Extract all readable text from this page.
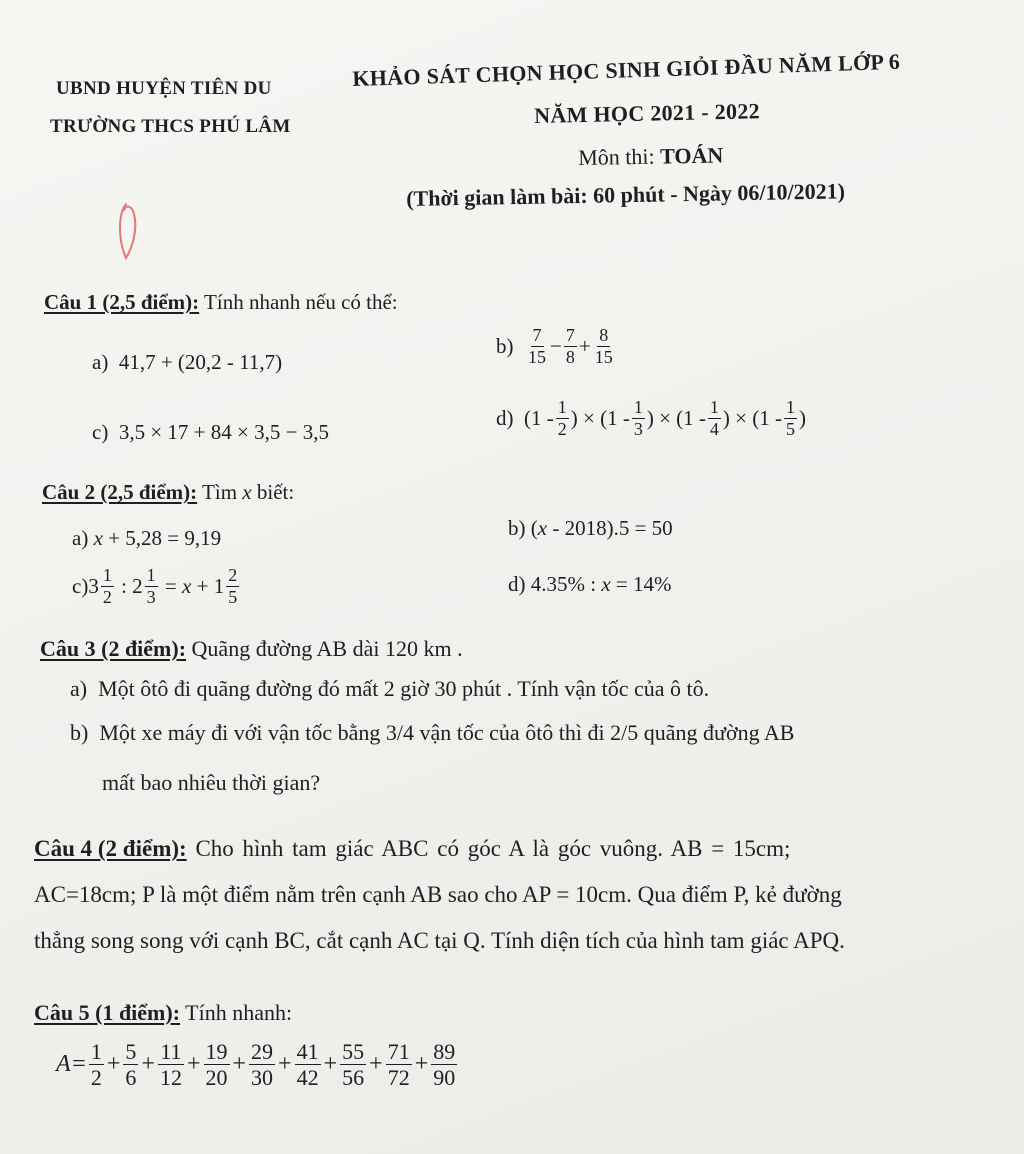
UBND HUYỆN TIÊN DU
TRƯỜNG THCS PHÚ LÂM
KHẢO SÁT CHỌN HỌC SINH GIỎI ĐẦU NĂM LỚP 6
NĂM HỌC 2021 - 2022
Môn thi: TOÁN
(Thời gian làm bài: 60 phút - Ngày 06/10/2021)
Câu 1 (2,5 điểm): Tính nhanh nếu có thể:
a) 41,7 + (20,2 - 11,7)
b)
$\frac{7}{15} - \frac{7}{8} + \frac{8}{15}$
c) 3,5 × 17 + 84 × 3,5 − 3,5
d)
($1 - \frac{1}{2}$ ) × ($1 - \frac{1}{3}$ ) × ($1 - \frac{1}{4}$ ) × ($1 - \frac{1}{5}$ )
Câu 2 (2,5 điểm): Tìm x biết:
a) x + 5,28 = 9,19	b) (x - 2018).5 = 50
c) $3 \frac{1}{2}$ : $2 \frac{1}{3} = x + 1 \frac{2}{5}$	d) 4.35% : x = 14%
Câu 3 (2 điểm): Quãng đường AB dài 120 km .
a) Một ôtô đi quãng đường đó mất 2 giờ 30 phút . Tính vận tốc của ô tô.
b) Một xe máy đi với vận tốc bằng 3/4 vận tốc của ôtô thì đi 2/5 quãng đường AB
mất bao nhiêu thời gian?
Câu 4 (2 điểm): Cho hình tam giác ABC có góc A là góc vuông. AB = 15cm;
AC=18cm; P là một điểm nằm trên cạnh AB sao cho AP = 10cm. Qua điểm P, kẻ đường
thẳng song song với cạnh BC, cắt cạnh AC tại Q. Tính diện tích của hình tam giác APQ.
Câu 5 (1 điểm): Tính nhanh:
$A= \frac{1}{2} + \frac{5}{6} + \frac{11}{12} + \frac{19}{20} + \frac{29}{30} + \frac{41}{42} + \frac{55}{56} + \frac{71}{72} + \frac{89}{90}$
